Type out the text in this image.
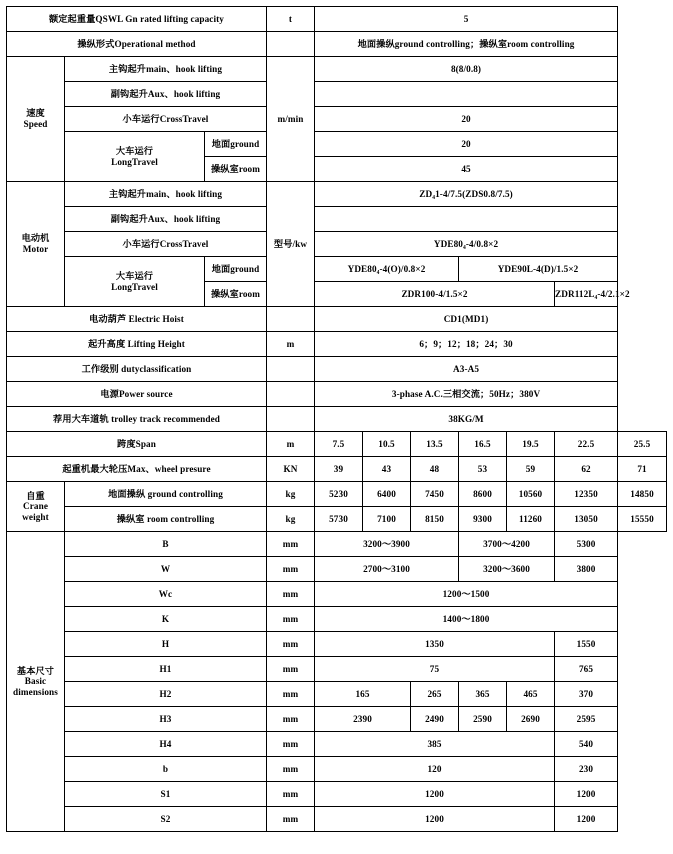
额定起重量QSWL Gn rated lifting capacity			t	5						
操纵形式Operational method				地面操纵ground controlling；操纵室room controlling						
速度
Speed	主钩起升main、hook lifting		m/min	8(8/0.8)						
	副钩起升Aux、hook lifting									
	小车运行CrossTravel			20						
	大车运行
LongTravel	地面ground		20						
		操纵室room		45						
电动机
Motor	主钩起升main、hook lifting		型号/kw	ZD₄1-4/7.5(ZDS0.8/7.5)						
	副钩起升Aux、hook lifting									
	小车运行CrossTravel			YDE80₄-4/0.8×2						
	大车运行
LongTravel	地面ground		YDE80₄-4(O)/0.8×2			YDE90L-4(D)/1.5×2			
		操纵室room		ZDR100-4/1.5×2					ZDR112L₄-4/2.1×2	
电动葫芦 Electric Hoist				CD1(MD1)						
起升高度 Lifting Height			m	6；9；12；18；24；30						
工作级别 dutyclassification				A3-A5						
电源Power source				3-phase A.C.三相交流；50Hz；380V						
荐用大车道轨 trolley track recommended				38KG/M						
跨度Span			m	7.5	10.5	13.5	16.5	19.5	22.5	25.5
起重机最大轮压Max、wheel presure			KN	39	43	48	53	59	62	71
自重
Crane
weight	地面操纵 ground controlling		kg	5230	6400	7450	8600	10560	12350	14850
	操纵室 room controlling		kg	5730	7100	8150	9300	11260	13050	15550
基本尺寸
Basic
dimensions	B		mm	3200～3900			3700～4200		5300	
	W		mm	2700～3100			3200～3600		3800	
	Wc		mm	1200～1500						
	K		mm	1400～1800						
	H		mm	1350					1550	
	H1		mm	75					765	
	H2		mm	165		265	365	465	370	
	H3		mm	2390		2490	2590	2690	2595	
	H4		mm	385					540	
	b		mm	120					230	
	S1		mm	1200					1200	
	S2		mm	1200					1200	
